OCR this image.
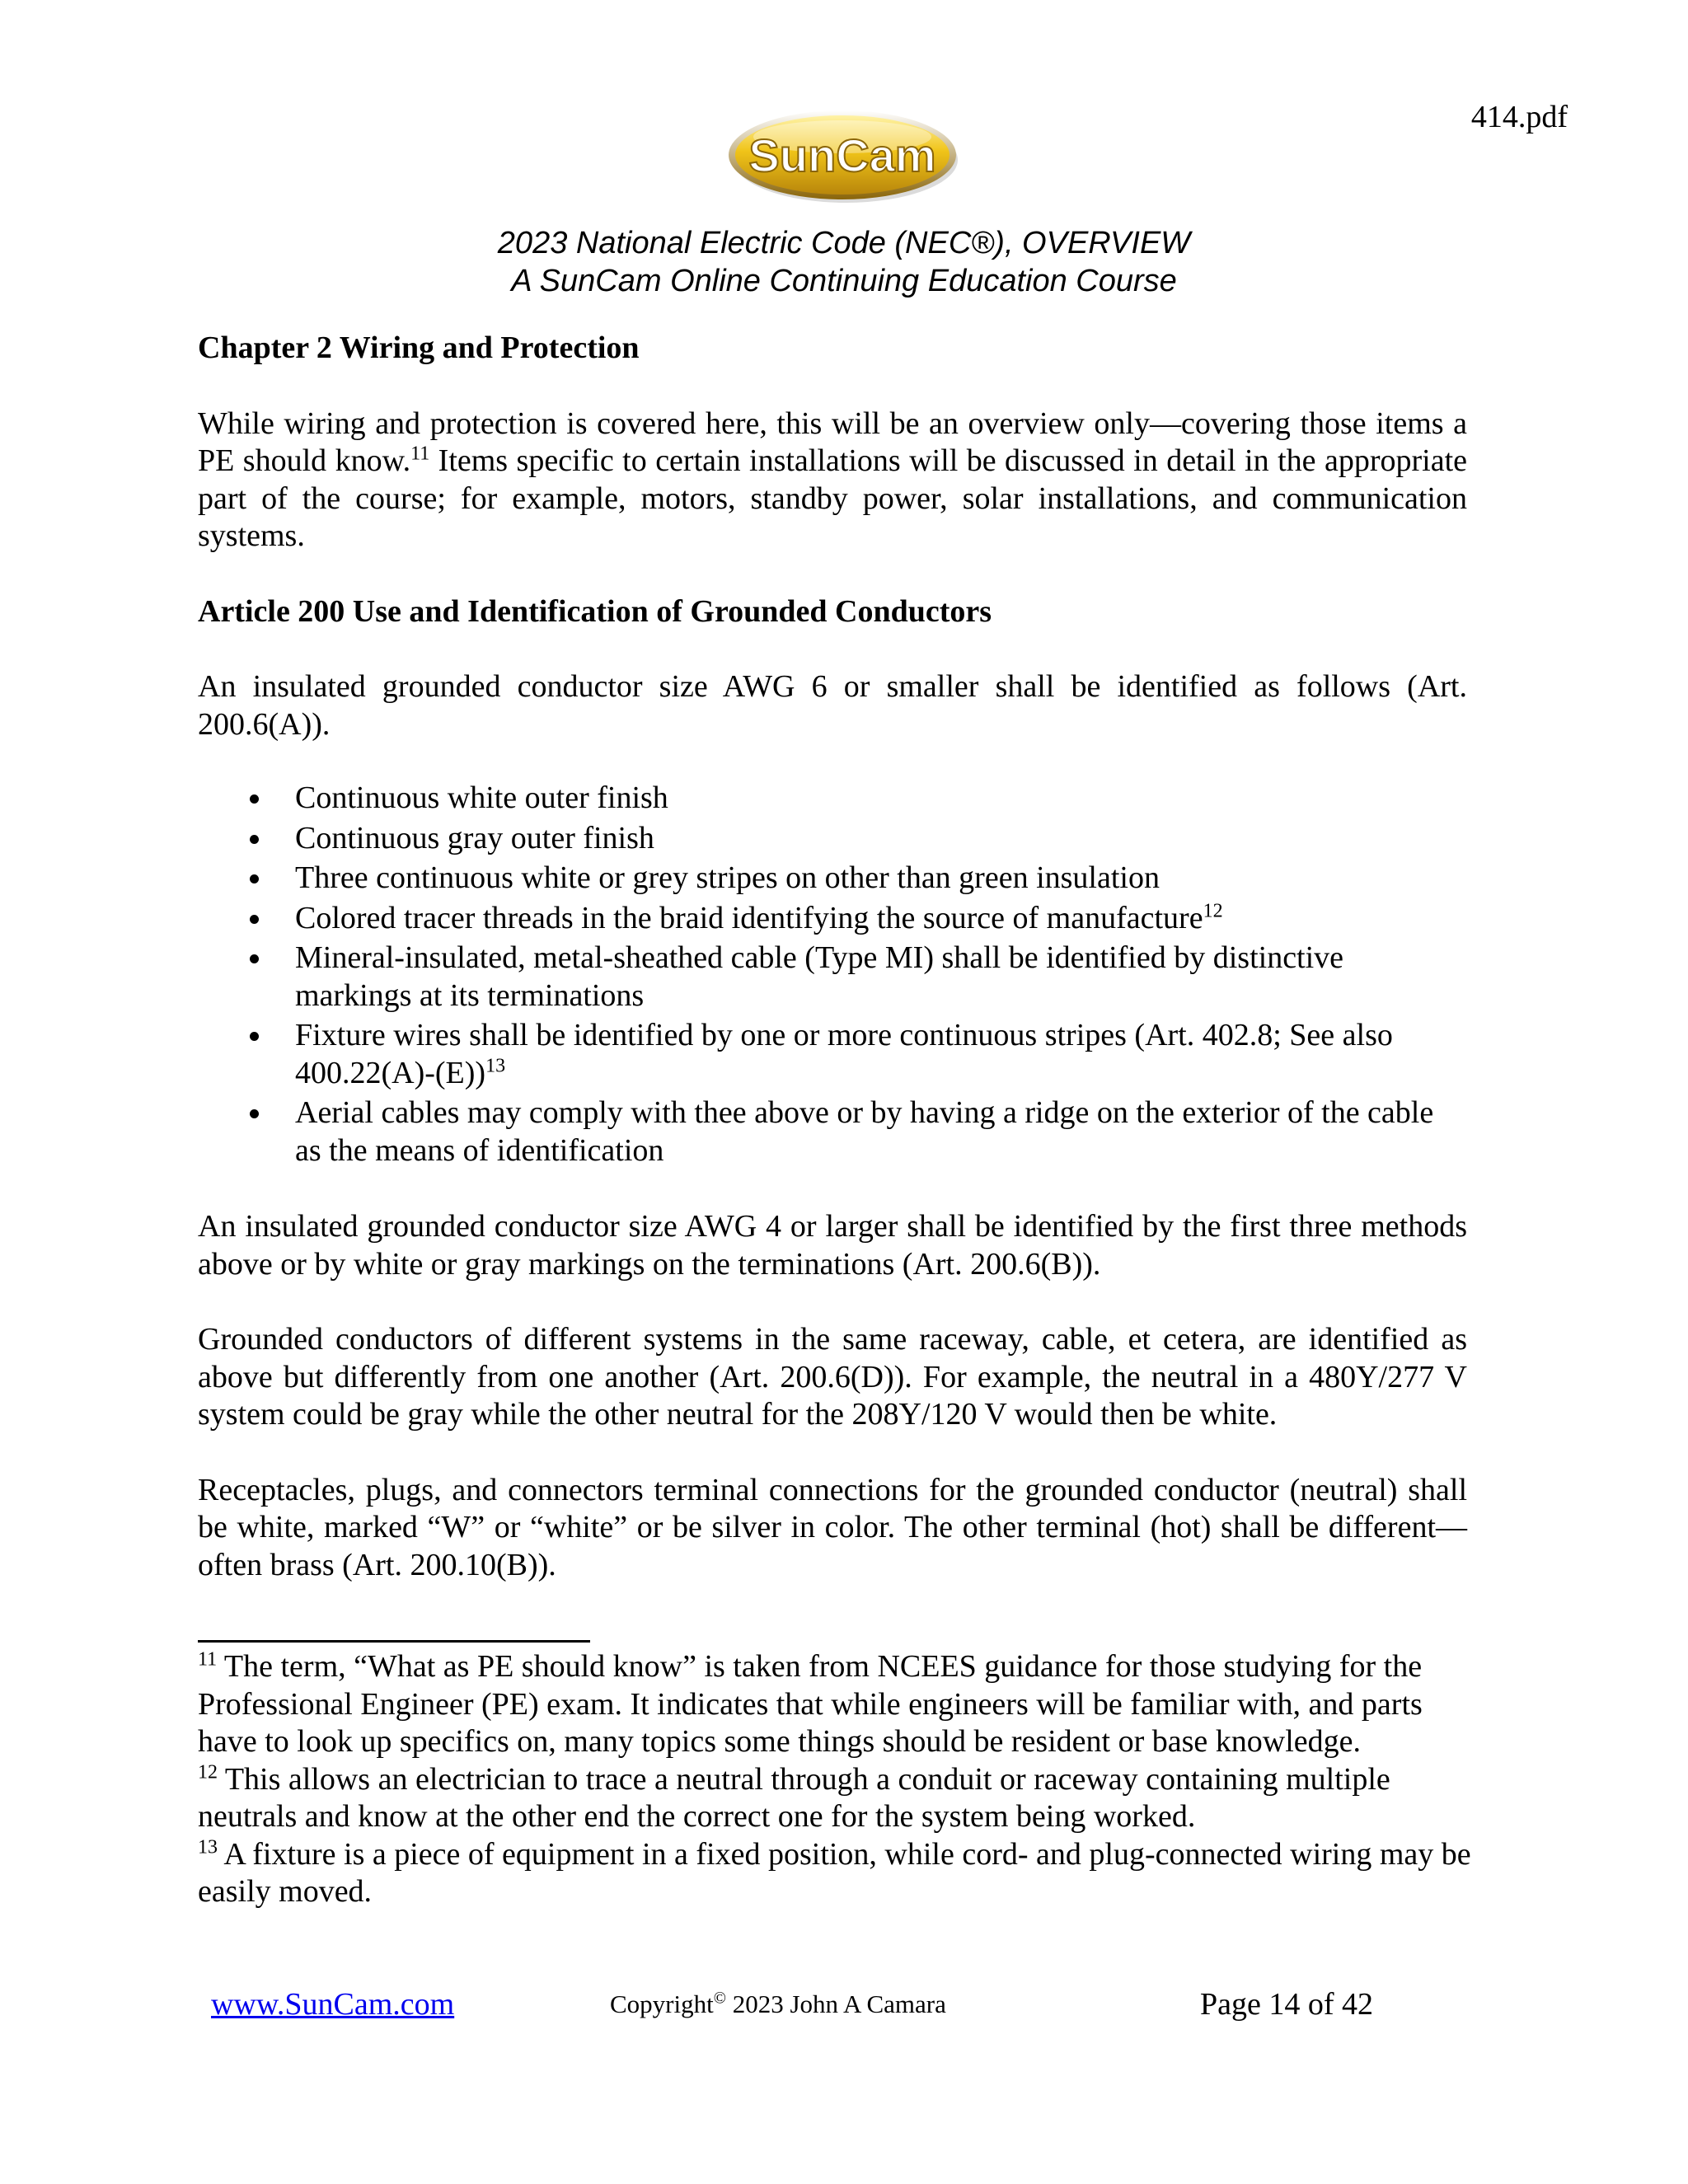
414.pdf
SunCam
2023 National Electric Code (NEC®), OVERVIEW
A SunCam Online Continuing Education Course
Chapter 2 Wiring and Protection

While wiring and protection is covered here, this will be an overview only—covering those items a PE should know.$^{11}$ Items specific to certain installations will be discussed in detail in the appropriate part of the course; for example, motors, standby power, solar installations, and communication systems.

Article 200 Use and Identification of Grounded Conductors

An insulated grounded conductor size AWG 6 or smaller shall be identified as follows (Art. 200.6(A)).

Continuous white outer finish
Continuous gray outer finish
Three continuous white or grey stripes on other than green insulation
Colored tracer threads in the braid identifying the source of manufacture$^{12}$
Mineral-insulated, metal-sheathed cable (Type MI) shall be identified by distinctive markings at its terminations
Fixture wires shall be identified by one or more continuous stripes (Art. 402.8; See also 400.22(A)-(E))$^{13}$
Aerial cables may comply with thee above or by having a ridge on the exterior of the cable as the means of identification

An insulated grounded conductor size AWG 4 or larger shall be identified by the first three methods above or by white or gray markings on the terminations (Art. 200.6(B)).

Grounded conductors of different systems in the same raceway, cable, et cetera, are identified as above but differently from one another (Art. 200.6(D)). For example, the neutral in a 480Y/277 V system could be gray while the other neutral for the 208Y/120 V would then be white.

Receptacles, plugs, and connectors terminal connections for the grounded conductor (neutral) shall be white, marked “W” or “white” or be silver in color. The other terminal (hot) shall be different—often brass (Art. 200.10(B)).

$^{11}$ The term, “What as PE should know” is taken from NCEES guidance for those studying for the Professional Engineer (PE) exam. It indicates that while engineers will be familiar with, and parts
have to look up specifics on, many topics some things should be resident or base knowledge.

$^{12}$ This allows an electrician to trace a neutral through a conduit or raceway containing multiple neutrals and know at the other end the correct one for the system being worked.

$^{13}$ A fixture is a piece of equipment in a fixed position, while cord- and plug-connected wiring may be easily moved.

www.SunCam.com	Copyright© 2023 John A Camara	Page 14 of 42
